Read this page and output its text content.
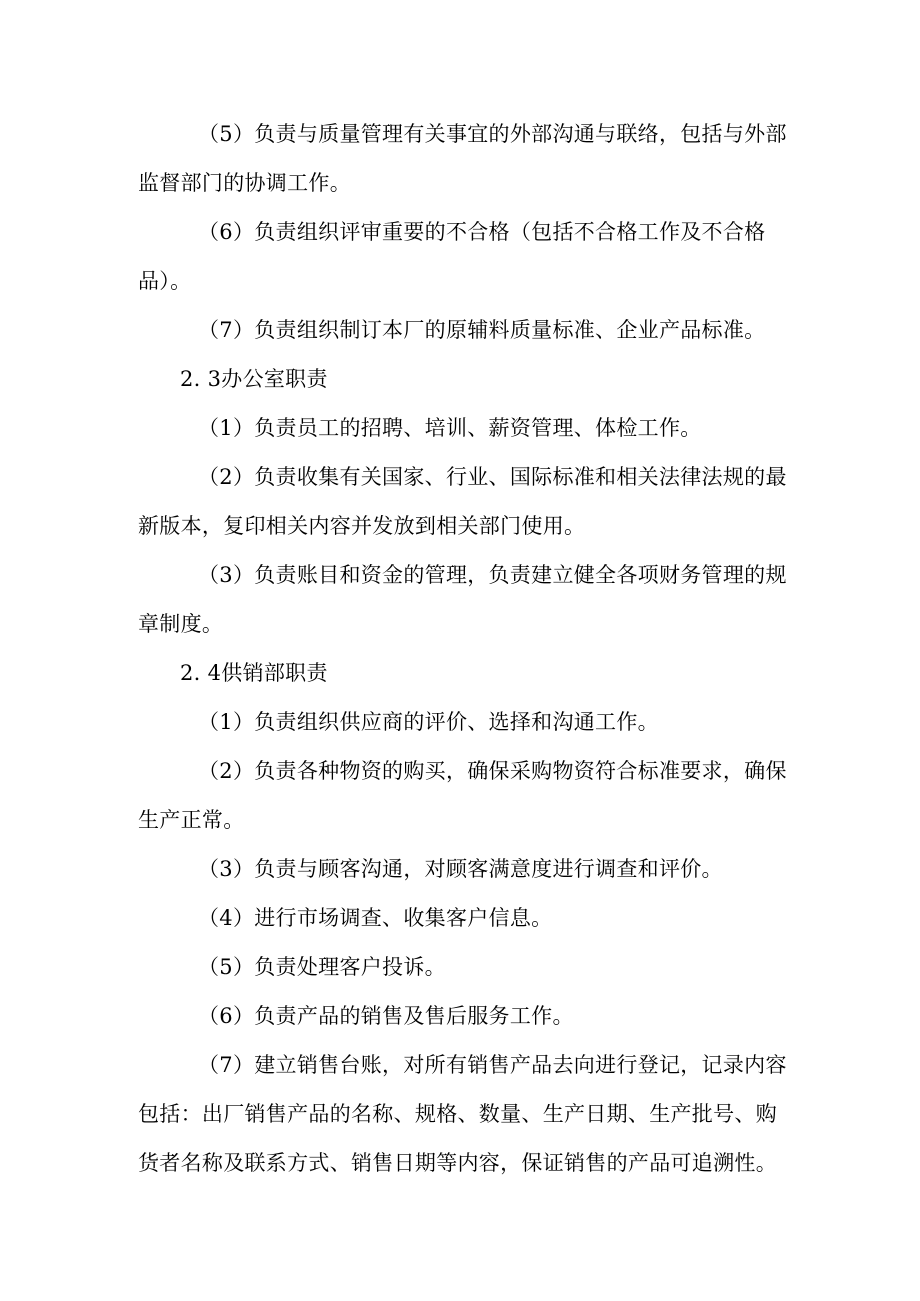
（5）负责与质量管理有关事宜的外部沟通与联络，包括与外部
监督部门的协调工作。
（6）负责组织评审重要的不合格（包括不合格工作及不合格
品）。
（7）负责组织制订本厂的原辅料质量标准、企业产品标准。
2. 3办公室职责
（1）负责员工的招聘、培训、薪资管理、体检工作。
（2）负责收集有关国家、行业、国际标准和相关法律法规的最
新版本，复印相关内容并发放到相关部门使用。
（3）负责账目和资金的管理，负责建立健全各项财务管理的规
章制度。
2. 4供销部职责
（1）负责组织供应商的评价、选择和沟通工作。
（2）负责各种物资的购买，确保采购物资符合标准要求，确保
生产正常。
（3）负责与顾客沟通，对顾客满意度进行调查和评价。
（4）进行市场调查、收集客户信息。
（5）负责处理客户投诉。
（6）负责产品的销售及售后服务工作。
（7）建立销售台账，对所有销售产品去向进行登记，记录内容
包括：出厂销售产品的名称、规格、数量、生产日期、生产批号、购
货者名称及联系方式、销售日期等内容，保证销售的产品可追溯性。
